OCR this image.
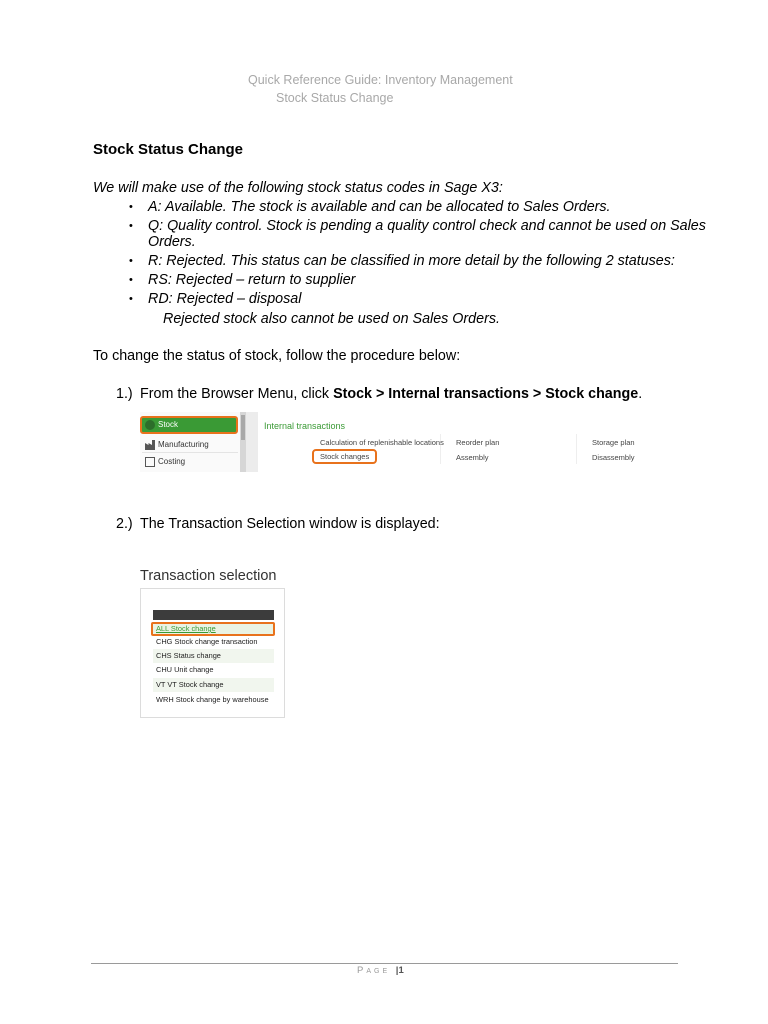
Quick Reference Guide: Inventory Management
Stock Status Change
Stock Status Change
We will make use of the following stock status codes in Sage X3:
• A: Available. The stock is available and can be allocated to Sales Orders.
• Q: Quality control. Stock is pending a quality control check and cannot be used on Sales Orders.
• R: Rejected. This status can be classified in more detail by the following 2 statuses:
• RS: Rejected – return to supplier
• RD: Rejected – disposal
Rejected stock also cannot be used on Sales Orders.
To change the status of stock, follow the procedure below:
1.) From the Browser Menu, click Stock > Internal transactions > Stock change.
Stock
Manufacturing
Costing
Internal transactions
Calculation of replenishable locations Reorder plan	Storage plan
Stock changes	Assembly	Disassembly
2.) The Transaction Selection window is displayed:
Transaction selection
ALL Stock change
CHG Stock change transaction
CHS Status change
CHU Unit change
VT VT Stock change
WRH Stock change by warehouse
Page |1
